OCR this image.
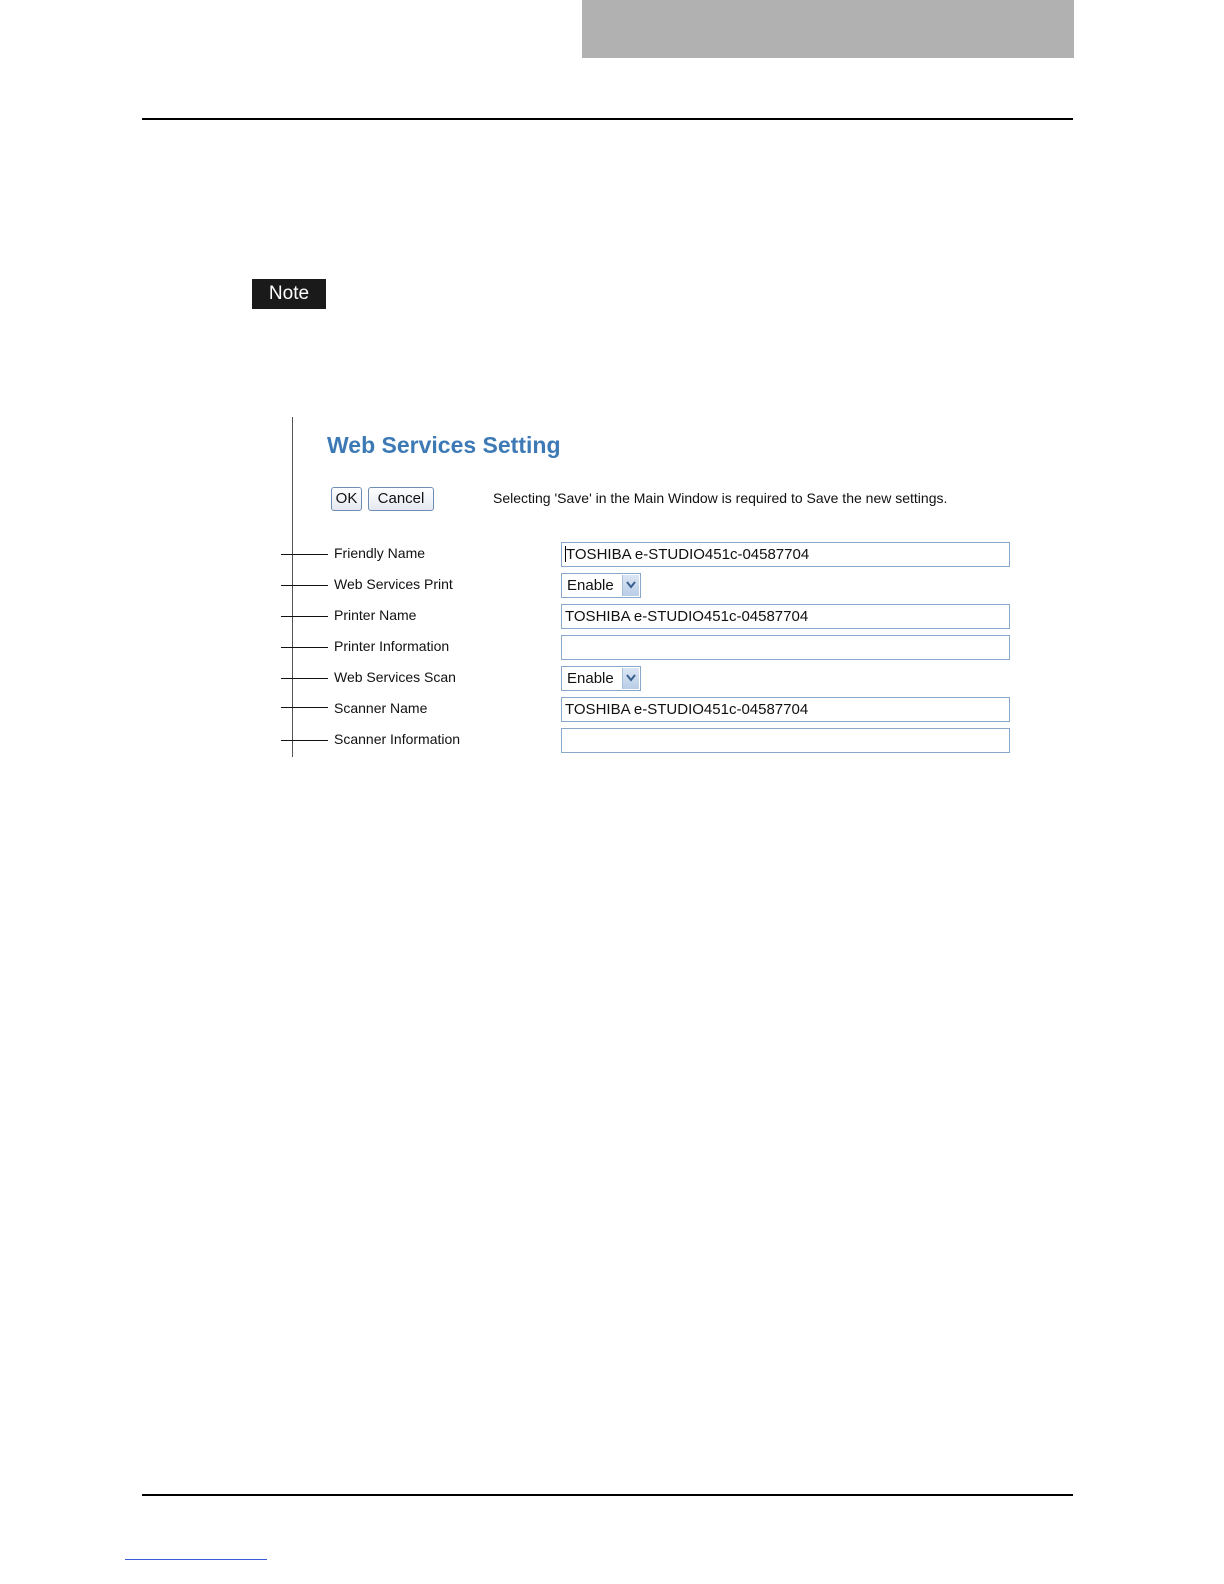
Note
Web Services Setting
OK	Cancel	Selecting 'Save' in the Main Window is required to Save the new settings.
Friendly Name	TOSHIBA e-STUDIO451c-04587704
Web Services Print	Enable
Printer Name	TOSHIBA e-STUDIO451c-04587704
Printer Information
Web Services Scan	Enable
Scanner Name	TOSHIBA e-STUDIO451c-04587704
Scanner Information
